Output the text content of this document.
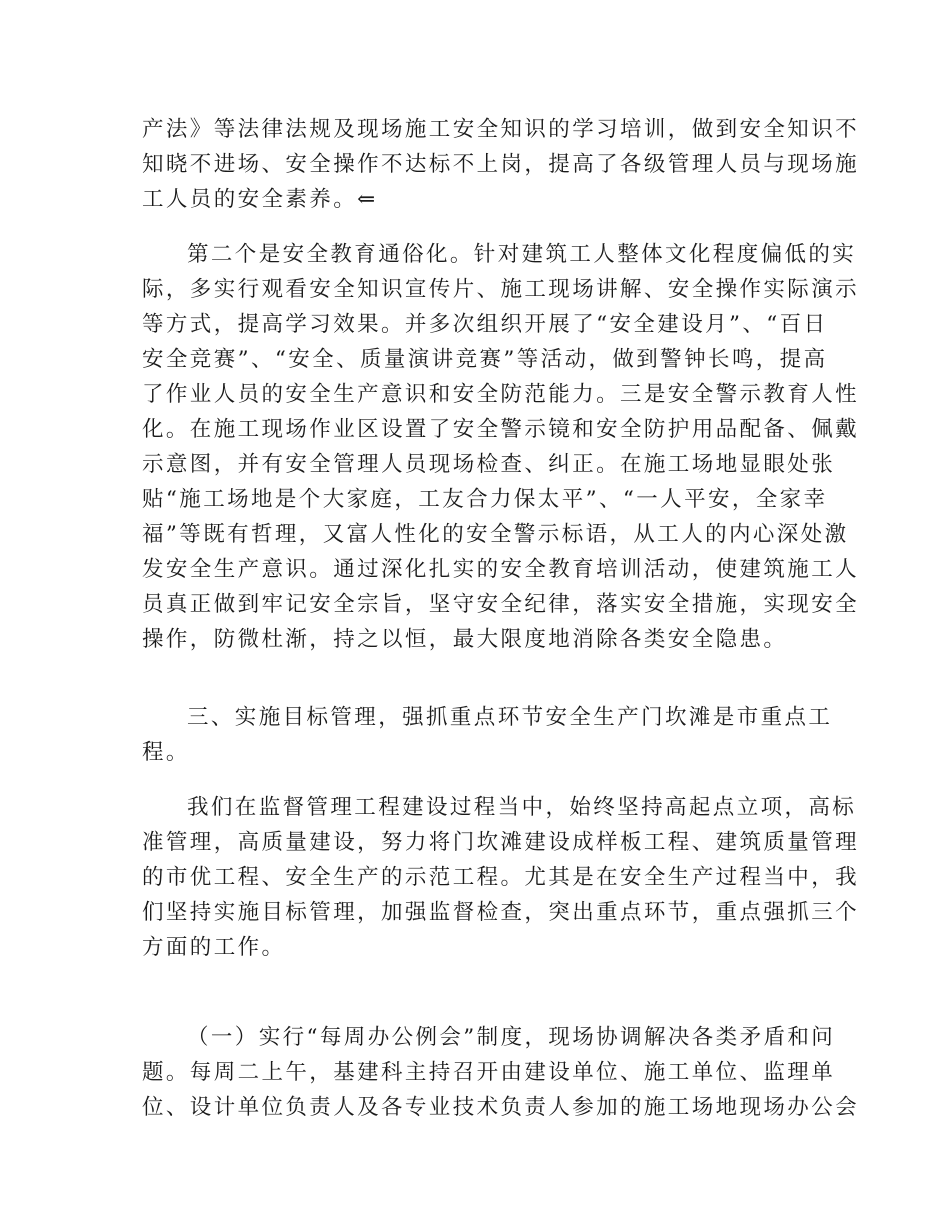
产法》等法律法规及现场施工安全知识的学习培训，做到安全知识不
知晓不进场、安全操作不达标不上岗，提高了各级管理人员与现场施
工人员的安全素养。⇐
第二个是安全教育通俗化。针对建筑工人整体文化程度偏低的实
际，多实行观看安全知识宣传片、施工现场讲解、安全操作实际演示
等方式，提高学习效果。并多次组织开展了“安全建设月”、“百日
安全竞赛”、“安全、质量演讲竞赛”等活动，做到警钟长鸣，提高
了作业人员的安全生产意识和安全防范能力。三是安全警示教育人性
化。在施工现场作业区设置了安全警示镜和安全防护用品配备、佩戴
示意图，并有安全管理人员现场检查、纠正。在施工场地显眼处张
贴“施工场地是个大家庭，工友合力保太平”、“一人平安，全家幸
福”等既有哲理，又富人性化的安全警示标语，从工人的内心深处激
发安全生产意识。通过深化扎实的安全教育培训活动，使建筑施工人
员真正做到牢记安全宗旨，坚守安全纪律，落实安全措施，实现安全
操作，防微杜渐，持之以恒，最大限度地消除各类安全隐患。
三、实施目标管理，强抓重点环节安全生产门坎滩是市重点工
程。
我们在监督管理工程建设过程当中，始终坚持高起点立项，高标
准管理，高质量建设，努力将门坎滩建设成样板工程、建筑质量管理
的市优工程、安全生产的示范工程。尤其是在安全生产过程当中，我
们坚持实施目标管理，加强监督检查，突出重点环节，重点强抓三个
方面的工作。
（一）实行“每周办公例会”制度，现场协调解决各类矛盾和问
题。每周二上午，基建科主持召开由建设单位、施工单位、监理单
位、设计单位负责人及各专业技术负责人参加的施工场地现场办公会
